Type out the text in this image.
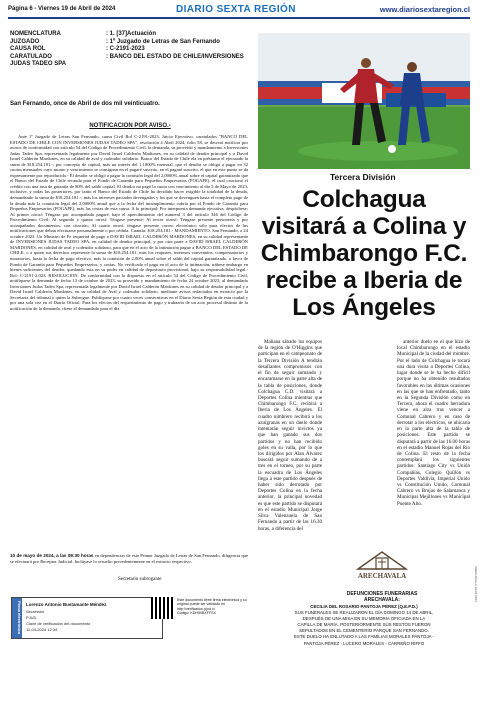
Página 6 - Viernes 19 de Abril de 2024	DIARIO SEXTA REGIÓN	www.diariosextaregion.cl
NOMENCLATURA	: 1. [37]Actuación
JUZGADO	: 1º Juzgado de Letras de San Fernando
CAUSA ROL	: C-2191-2023
CARATULADO	: BANCO DEL ESTADO DE CHILE/INVERSIONES
JUDAS TADEO SPA
San Fernando, once de Abril de dos mil veinticuatro.
NOTIFICACION POR AVISO.-

Ante 1º Juzgado de Letras San Fernando, causa Civil Rol C-2191-2023, Juicio Ejecutivo, caratulados "BANCO DEL ESTADO DE CHILE CON INVERSIONES JUDAS TADEO SPA", resolución 4 Abril 2024, folio 58, se decretó notificar por avisos de conformidad con artículo 54 del Código de Procedimiento Civil, la demanda, su proveído y mandamiento a Inversiones Judas Tadeo Spa, representada legalmente por David Israel Calderón Madiones, en su calidad de deudor principal y a David Israel Calderón Mardones, en su calidad de aval y codeudor solidario. Banco del Estado de Chile ela en préstamo el ejecutado la suma de $18.254.181.-, por concepto de capital, más un interés del 1,1000% mensual, que el deudor se obligó a pagar en 32 cuotas mensuales cuyo monto y vencimiento se consignan en el pagaré suscrito, en el pagaré suscrito, el que en este punto se da expresamente por reproducido.- El deudor se obligó a pagar la comisión legal del 2,0000% anual sobre el capital garantizado que el Banco del Estado de Chile recauda para el Fondo de Garantía para Pequeños Empresarios (FOGAPE), el cual caucionó el crédito con una tasa de garantía de 80% del saldo capital. El deudor no pagó la cuota con vencimiento al día 5 de Mayo de 2023, inclusive, y todas las posteriores, por tanto el Banco del Estado de Chile ha decidido hacer exigible la totalidad de la deuda, demandando la suma de $18.254.181.-, más los intereses pactados devengados y los que se devenguen hasta el completo pago de la deuda más la comisión legal del 2,0000% anual que a la fecha del incumplimiento cubría por el Fondo de Garantía para Pequeños Empresarios (FOGAPE), más las costas de esta causa. A lo principal: Por interpuesta demanda ejecutiva, despáchese; Al primer otrosí: Téngase por acompañado pagaré, bajo el apercibimiento del numeral 3 del artículo 346 del Código de Procedimiento Civil; Al segundo y quinto otrosí: Téngase presente; Al tercer otrosí: Téngase presente personería y por acompañados documentos, con citación; Al cuarto otrosí: téngase presente correo electrónico sólo para efectos de las notificaciones que deban efectuarse personalmente o por cédula. Cuantía: $18.254.181.- MANDAMIENTO. San Fernando, a 24 octubre 2023. Un Ministro de Fe requerirá de pago a DAVID ISRAEL CALDERÓN MARDONES, en su calidad representante de INVERSIONES JUDAS TADEO SPA, en calidad de deudor principal, y por otra parte a DAVID ISRAEL CALDERÓN MARDONES, en calidad de aval y codeudor solidario, para que en el acto de la intimación pague a BANCO DEL ESTADO DE CHILE, o a quien sus derechos represente la suma de $18.254.181, más los reajustes, intereses convenidos, compensatorios y moratorios, hasta la fecha de pago efectivo, más la comisión de 2,00% anual sobre el saldo del capital garantizado, a favor de Fondo de Garantía para Pequeños Empresarios, y costas. No verificado el pago en el acto de la intimación, trábese embargo en bienes suficientes del deudor, quedando esta en su poder en calidad de depositario provisional, bajo su responsabilidad legal.- Rol: C-2191-2.023. RESOLUCION. De conformidad con lo dispuesto en el artículo 54 del Código de Procedimiento Civil, notifíquese la demanda de fecha 13 de octubre de 2023, su proveído y mandamiento de fecha 24 octubre 2023, al demandado Inversiones Judas Tadeo Spa, representada legalmente por David Israel Calderón Mardones en su calidad de deudor principal y a David Israel Calderón Mardones, en su calidad de Aval y codeudor solidario, mediante avisos redactados en extracto por la Secretaria del tribunal o quien la Subrogue. Publíquese por cuatro veces consecutivas en el Diario Sexta Región de esta ciudad y por una sola vez en el Diario Oficial. Para los efectos del requerimiento de pago y trabazón de un acto procesal distinto de la notificación de la demanda, cítese al demandado para el día

10 de mayo de 2024, a las 09:30 horas en dependencias de este Primer Juzgado de Letras de San Fernando, diligencia que se efectuará por Receptor Judicial. Inclúyase lo resuelto precedentemente en el extracto respectivo.
Secretario subrogante
Firma electrónica Lorenzo Antonio Bustamante Méndez
Secretario
PJUD
Clave de verificación del documento
11-04-2024 12:34
Este documento tiene firma electrónica y su original puede ser validado en http://verificadoc.pjud.cl
Código: KDH50BXFFSX
Tercera División
Colchagua visitará a Colina y Chimbarongo F.C. recibe a Iberia de Los Ángeles

Mañana sábado los equipos de la región de O'Higgins que participan en el campeonato de la Tercera División A tendrán desafiantes compromisos con el fin de seguir sumando y encaramarse en la parte alta de la tabla de posiciones, donde Colchagua C.D. visitará a Deportes Colina mientras que Chimbarongo F.C. recibirá a Iberia de Los Ángeles. El cuadro nimbrero recibirá a los azulgranas en un duelo donde intentarán seguir invictos ya que han ganado sus dos partidos y no han recibido goles en su valla, por lo que los dirigidos por Alan Álvarez buscará seguir sumando de a tres en el torneo, por su parte la escuadra de Los Ángeles llega a este partido después de haber sido derrotado por Deportes Colina en la fecha anterior, la principal novedad es que este partido se disputará en el estadio Municipal Jorge Silva Valenzuela de San Fernando a partir de las 16.30 horas, a diferencia del

anterior duelo en el que hizo de local Chimbarongo en el estadio Municipal de la ciudad del mimbre. Por el lado de Colchagua le tocará una dura visita a Deportes Colina, lugar donde se le ha hecho difícil porque no ha obtenido resultados favorables en las últimas ocasiones en las que se han enfrentado, tanto en la Segunda División como en Tercera, ahora el cuadro herradura viene en alza tras vencer a Comunal Cabrero y en caso de derrotar a los eléctricos, se ubicaría en la parte alta de la tabla de posiciones. Este partido se disputará a partir de las 16.00 horas en el estadio Manuel Rojas del Río de Colina. El resto de la fecha contemplará los siguientes partidos: Santiago City vs Unión Compañías, Colegio Quillón vs Deportes Valdivia, Imperial Unido vs Constitución Unido, Comunal Cabrero vs Brujas de Salamanca y Municipal Mejillones vs Municipal Puente Alto.

ARECHAVALA
DEFUNCIONES FUNERARIAS ARECHAVALA:
CECILIA DEL ROSARIO PANTOJA PÉREZ (Q.E.P.D.)
SUS FUNERALES SE REALIZARON EL DÍA DOMINGO 14 DE ABRIL,
DESPUÉS DE UNA MISA EN SU MEMORIA OFICIADA EN LA
CAPILLA DE MARÍA, POSTERIORMENTE SUS RESTOS FUERON
SEPULTADOS EN EL CEMENTERIO PARQUE SAN FERNANDO.
ESTE DUELO HA ENLUTADO A LAS FAMILIAS MORALES PANTOJA -
PANTOJA PÉREZ - LUCERO MORALES - CARREÑO RIFFO
ARECHAVALA 19-04-2024
